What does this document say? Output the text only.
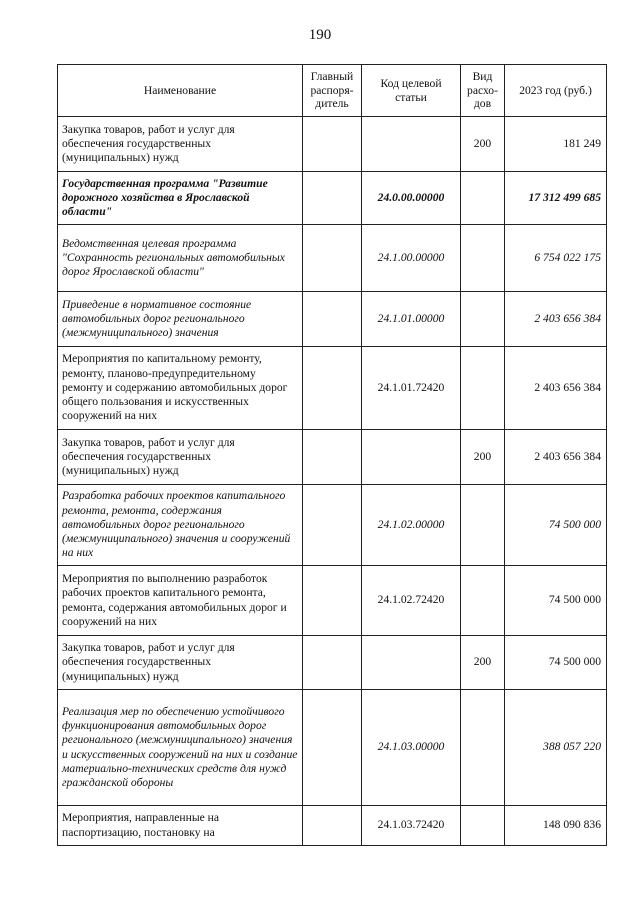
190
Наименование	Главный распоря-дитель	Код целевой статьи	Вид расхо-дов	2023 год (руб.)
Закупка товаров, работ и услуг для обеспечения государственных (муниципальных) нужд			200	181 249
Государственная программа "Развитие дорожного хозяйства в Ярославской области"		24.0.00.00000		17 312 499 685
Ведомственная целевая программа "Сохранность региональных автомобильных дорог Ярославской области"		24.1.00.00000		6 754 022 175
Приведение в нормативное состояние автомобильных дорог регионального (межмуниципального) значения		24.1.01.00000		2 403 656 384
Мероприятия по капитальному ремонту, ремонту, планово-предупредительному ремонту и содержанию автомобильных дорог общего пользования и искусственных сооружений на них		24.1.01.72420		2 403 656 384
Закупка товаров, работ и услуг для обеспечения государственных (муниципальных) нужд			200	2 403 656 384
Разработка рабочих проектов капитального ремонта, ремонта, содержания автомобильных дорог регионального (межмуниципального) значения и сооружений на них		24.1.02.00000		74 500 000
Мероприятия по выполнению разработок рабочих проектов капитального ремонта, ремонта, содержания автомобильных дорог и сооружений на них		24.1.02.72420		74 500 000
Закупка товаров, работ и услуг для обеспечения государственных (муниципальных) нужд			200	74 500 000
Реализация мер по обеспечению устойчивого функционирования автомобильных дорог регионального (межмуниципального) значения и искусственных сооружений на них и создание материально-технических средств для нужд гражданской обороны		24.1.03.00000		388 057 220
Мероприятия, направленные на паспортизацию, постановку на		24.1.03.72420		148 090 836
